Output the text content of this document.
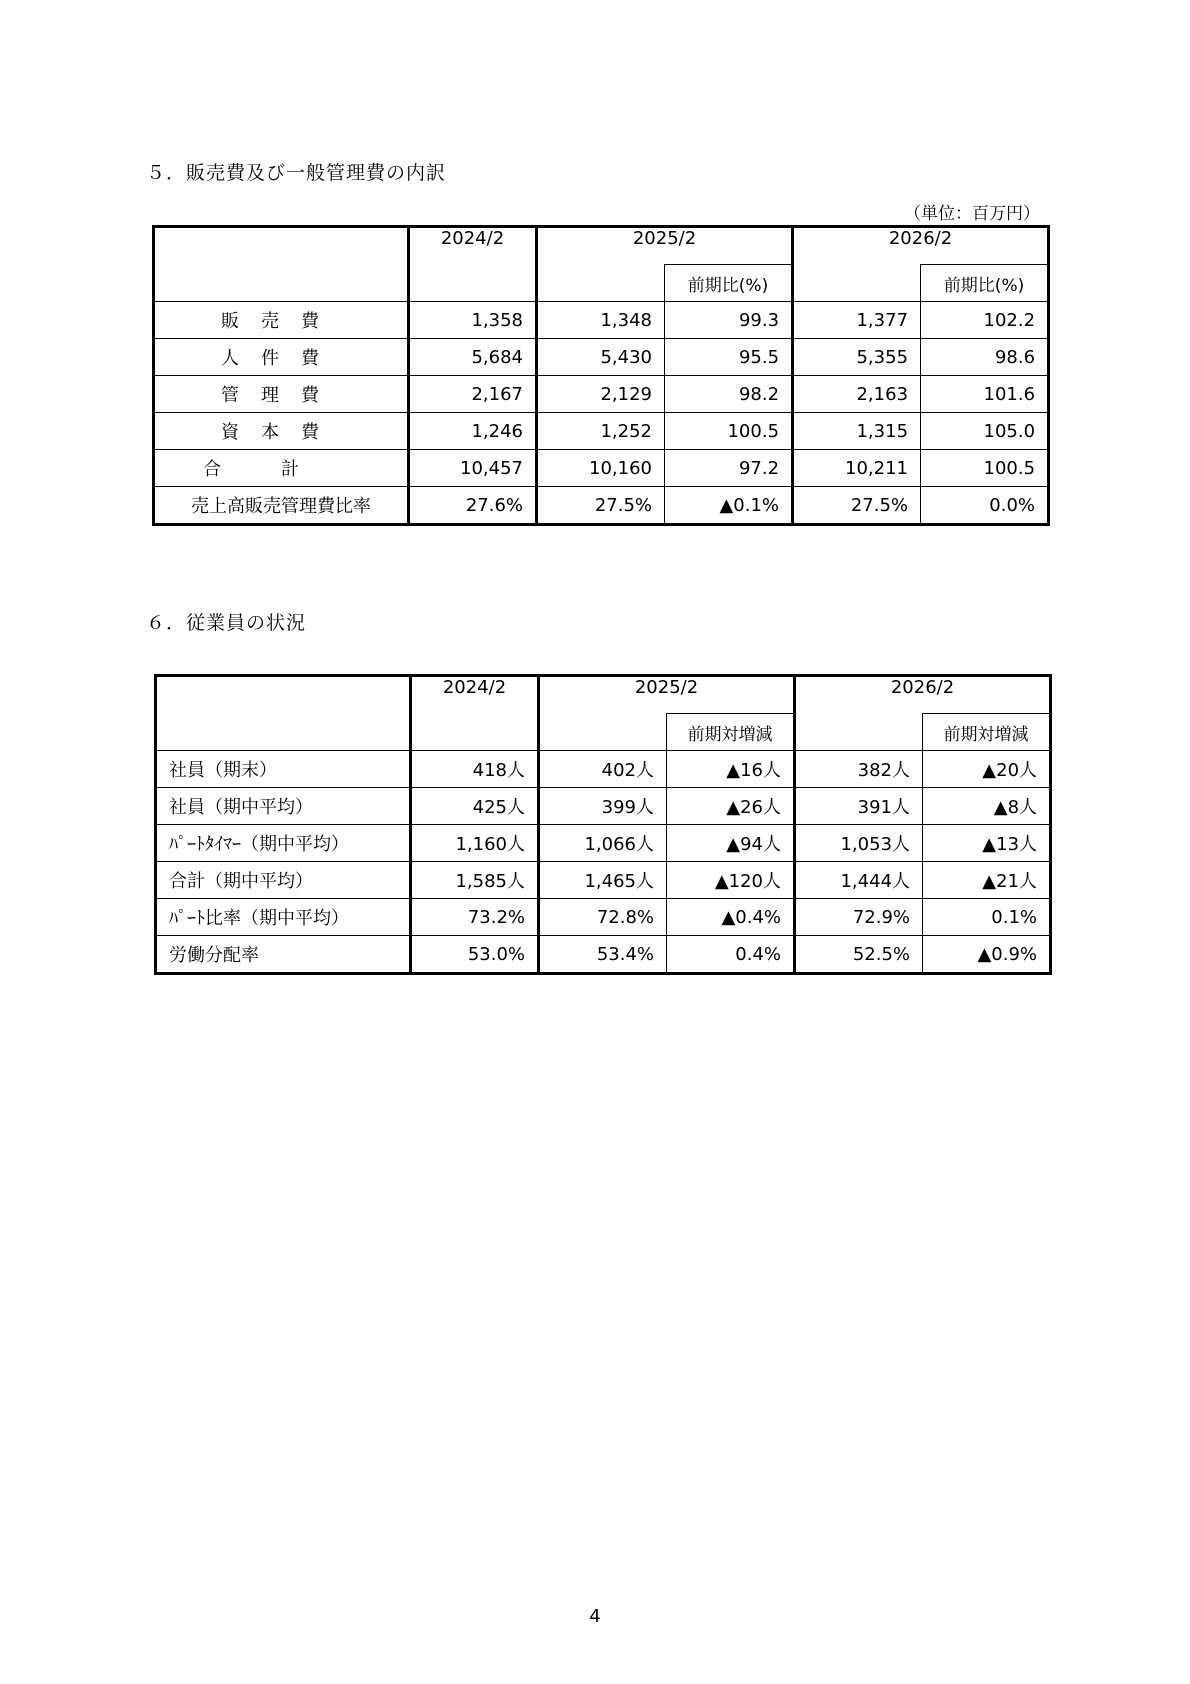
５．販売費及び一般管理費の内訳
（単位：百万円）
	2024/2	2025/2		2026/2	
			前期比(%)		前期比(%)
販売費	1,358	1,348	99.3	1,377	102.2
人件費	5,684	5,430	95.5	5,355	98.6
管理費	2,167	2,129	98.2	2,163	101.6
資本費	1,246	1,252	100.5	1,315	105.0
合計	10,457	10,160	97.2	10,211	100.5
売上高販売管理費比率	27.6%	27.5%	▲0.1%	27.5%	0.0%
６．従業員の状況
	2024/2	2025/2		2026/2	
			前期対増減		前期対増減
社員（期末）	418人	402人	▲16人	382人	▲20人
社員（期中平均）	425人	399人	▲26人	391人	▲8人
ﾊﾟｰﾄﾀｲﾏｰ（期中平均）	1,160人	1,066人	▲94人	1,053人	▲13人
合計（期中平均）	1,585人	1,465人	▲120人	1,444人	▲21人
ﾊﾟｰﾄ比率（期中平均）	73.2%	72.8%	▲0.4%	72.9%	0.1%
労働分配率	53.0%	53.4%	0.4%	52.5%	▲0.9%
4
